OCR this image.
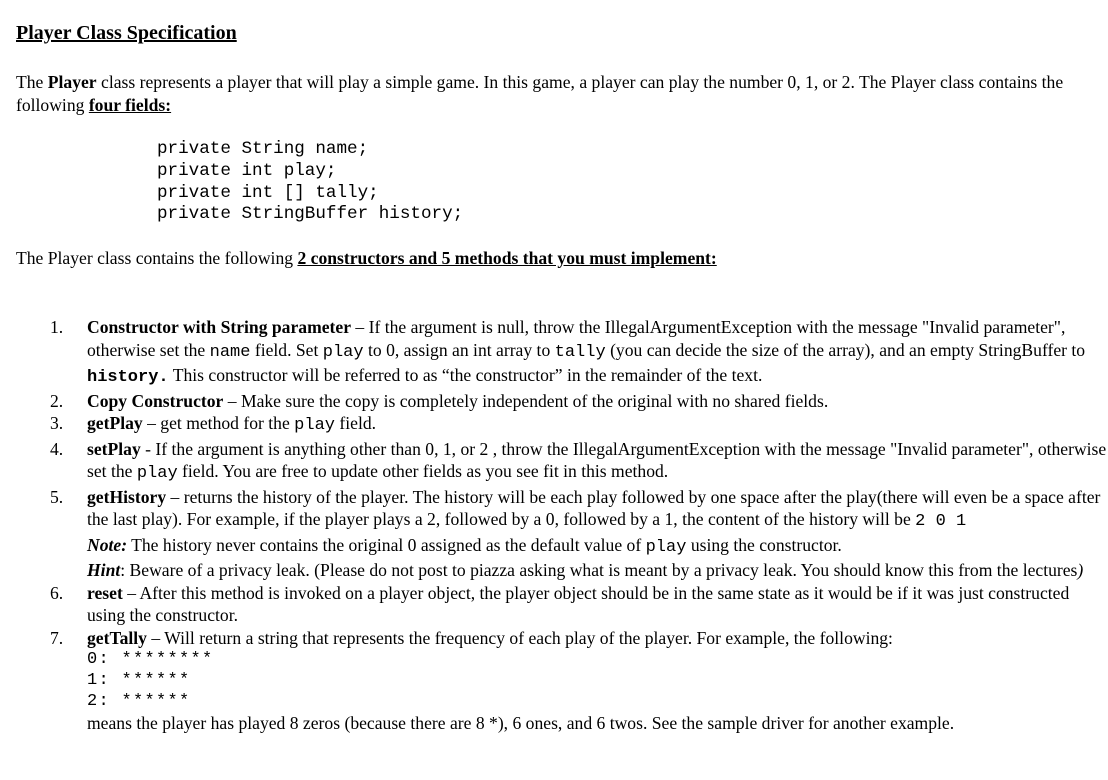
Player Class Specification
The Player class represents a player that will play a simple game. In this game, a player can play the number 0, 1, or 2. The Player class contains the following four fields:
private String name;
private int play;
private int [] tally;
private StringBuffer history;
The Player class contains the following 2 constructors and 5 methods that you must implement:
1. Constructor with String parameter – If the argument is null, throw the IllegalArgumentException with the message "Invalid parameter", otherwise set the name field. Set play to 0, assign an int array to tally (you can decide the size of the array), and an empty StringBuffer to history. This constructor will be referred to as “the constructor” in the remainder of the text.
2. Copy Constructor – Make sure the copy is completely independent of the original with no shared fields.
3. getPlay – get method for the play field.
4. setPlay - If the argument is anything other than 0, 1, or 2 , throw the IllegalArgumentException with the message "Invalid parameter", otherwise set the play field. You are free to update other fields as you see fit in this method.
5. getHistory – returns the history of the player. The history will be each play followed by one space after the play(there will even be a space after the last play). For example, if the player plays a 2, followed by a 0, followed by a 1, the content of the history will be 2 0 1
Note: The history never contains the original 0 assigned as the default value of play using the constructor.
Hint: Beware of a privacy leak. (Please do not post to piazza asking what is meant by a privacy leak. You should know this from the lectures)
6. reset – After this method is invoked on a player object, the player object should be in the same state as it would be if it was just constructed using the constructor.
7. getTally – Will return a string that represents the frequency of each play of the player. For example, the following:
0: ********
1: ******
2: ******
means the player has played 8 zeros (because there are 8 *), 6 ones, and 6 twos. See the sample driver for another example.
